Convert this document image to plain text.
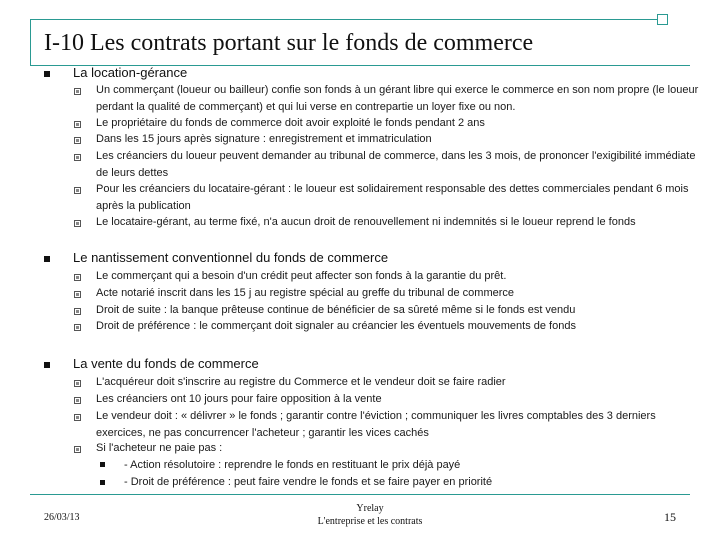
I-10 Les contrats portant sur le fonds de commerce
La location-gérance
Un commerçant (loueur ou bailleur) confie son fonds à un gérant libre qui exerce le commerce en son nom propre (le loueur perdant la qualité de commerçant) et qui lui verse en contrepartie un loyer fixe ou non.
Le propriétaire du fonds de commerce doit avoir exploité le fonds pendant 2 ans
Dans les 15 jours après signature : enregistrement et immatriculation
Les créanciers du loueur peuvent demander au tribunal de commerce, dans les 3 mois, de prononcer l'exigibilité immédiate de leurs dettes
Pour les créanciers du locataire-gérant : le loueur est solidairement responsable des dettes commerciales pendant 6 mois après la publication
Le locataire-gérant, au terme fixé, n'a aucun droit de renouvellement ni indemnités si le loueur reprend le fonds
Le nantissement conventionnel du fonds de commerce
Le commerçant qui a besoin d'un crédit peut affecter son fonds à la garantie du prêt.
Acte notarié inscrit dans les 15 j au registre spécial au greffe du tribunal de commerce
Droit de suite : la banque prêteuse continue de bénéficier de sa sûreté même si le fonds est vendu
Droit de préférence : le commerçant doit signaler au créancier les éventuels mouvements de fonds
La vente du fonds de commerce
L'acquéreur doit s'inscrire au registre du Commerce et le vendeur doit se faire radier
Les créanciers ont 10 jours pour faire opposition à la vente
Le vendeur doit : « délivrer » le fonds ; garantir contre l'éviction ; communiquer les livres comptables des 3 derniers exercices, ne pas concurrencer l'acheteur ; garantir les vices cachés
Si l'acheteur ne paie pas :
- Action résolutoire : reprendre le fonds en restituant le prix déjà payé
- Droit de préférence : peut faire vendre le fonds et se faire payer en priorité
26/03/13
Yrelay
L'entreprise et les contrats	15
